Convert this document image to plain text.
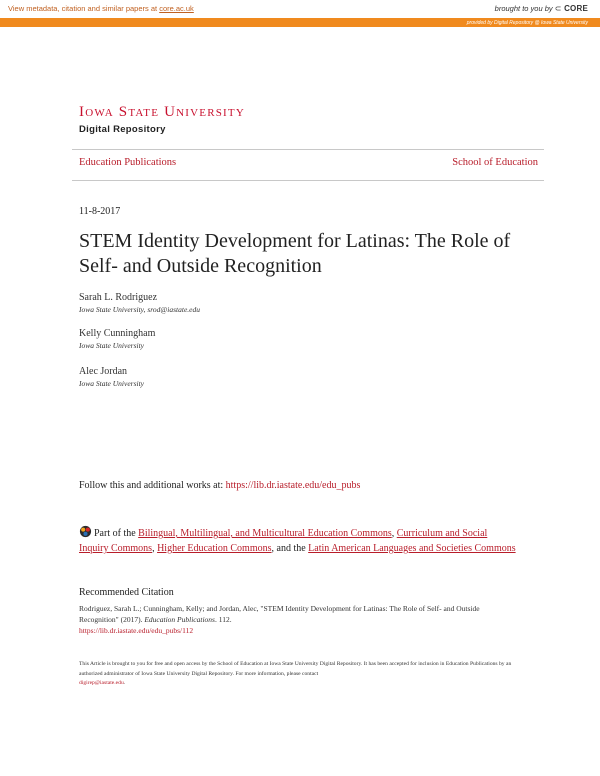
View metadata, citation and similar papers at core.ac.uk	brought to you by ⊂ CORE
provided by Digital Repository @ Iowa State University
Iowa State University
Digital Repository
Education Publications	School of Education
11-8-2017
STEM Identity Development for Latinas: The Role of Self- and Outside Recognition
Sarah L. Rodriguez
Iowa State University, srod@iastate.edu
Kelly Cunningham
Iowa State University
Alec Jordan
Iowa State University
Follow this and additional works at: https://lib.dr.iastate.edu/edu_pubs
Part of the Bilingual, Multilingual, and Multicultural Education Commons, Curriculum and Social Inquiry Commons, Higher Education Commons, and the Latin American Languages and Societies Commons
Recommended Citation
Rodriguez, Sarah L.; Cunningham, Kelly; and Jordan, Alec, "STEM Identity Development for Latinas: The Role of Self- and Outside Recognition" (2017). Education Publications. 112.
https://lib.dr.iastate.edu/edu_pubs/112
This Article is brought to you for free and open access by the School of Education at Iowa State University Digital Repository. It has been accepted for inclusion in Education Publications by an authorized administrator of Iowa State University Digital Repository. For more information, please contact
digirep@iastate.edu.
